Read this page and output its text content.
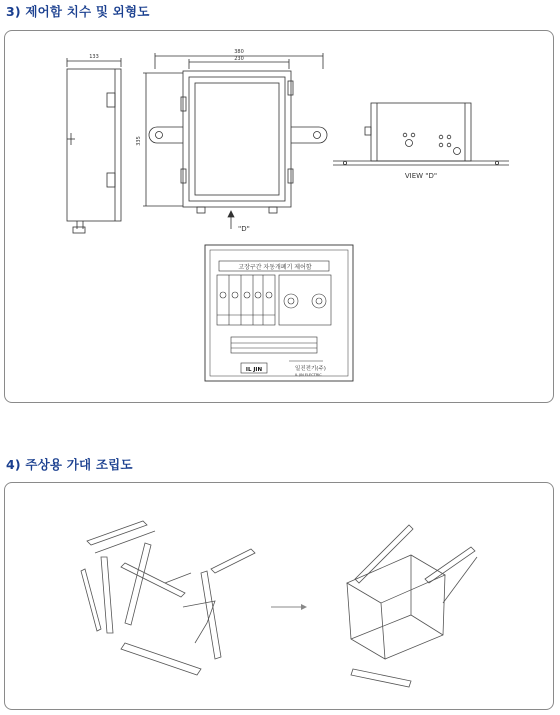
3) 제어함 치수 및 외형도
133
380
230
335
"D"
VIEW "D"
고장구간 자동개폐기 제어함
IL JIN	일진전기(주)
IL JIN ELECTRIC
4) 주상용 가대 조립도
